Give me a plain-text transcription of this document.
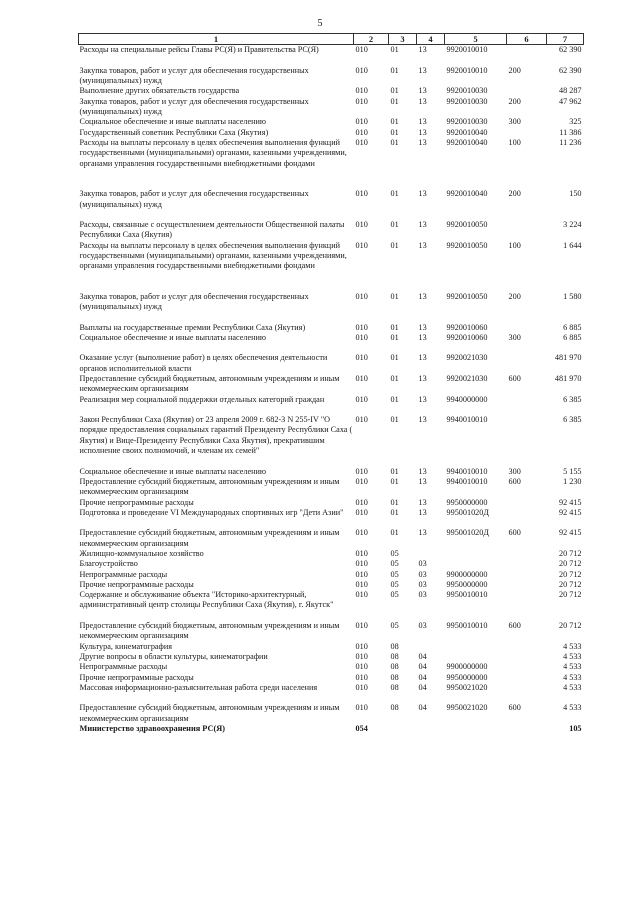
5
1	2	3	4	5	6	7
Расходы на специальные рейсы Главы РС(Я) и Правительства РС(Я)	010	01	13	9920010010		62 390
Закупка товаров, работ и услуг для обеспечения государственных (муниципальных) нужд	010	01	13	9920010010	200	62 390
Выполнение других обязательств государства	010	01	13	9920010030		48 287
Закупка товаров, работ и услуг для обеспечения государственных (муниципальных) нужд	010	01	13	9920010030	200	47 962
Социальное обеспечение и иные выплаты населению	010	01	13	9920010030	300	325
Государственный советник Республики Саха (Якутия)	010	01	13	9920010040		11 386
Расходы на выплаты персоналу в целях обеспечения выполнения функций государственными (муниципальными) органами, казенными учреждениями, органами управления государственными внебюджетными фондами	010	01	13	9920010040	100	11 236
Закупка товаров, работ и услуг для обеспечения государственных (муниципальных) нужд	010	01	13	9920010040	200	150
Расходы, связанные с осуществлением деятельности Общественной палаты Республики Саха (Якутия)	010	01	13	9920010050		3 224
Расходы на выплаты персоналу в целях обеспечения выполнения функций государственными (муниципальными) органами, казенными учреждениями, органами управления государственными внебюджетными фондами	010	01	13	9920010050	100	1 644
Закупка товаров, работ и услуг для обеспечения государственных (муниципальных) нужд	010	01	13	9920010050	200	1 580
Выплаты на государственные премии Республики Саха (Якутия)	010	01	13	9920010060		6 885
Социальное обеспечение и иные выплаты населению	010	01	13	9920010060	300	6 885
Оказание услуг (выполнение работ) в целях обеспечения деятельности органов исполнительной власти	010	01	13	9920021030		481 970
Предоставление субсидий бюджетным, автономным учреждениям и иным некоммерческим организациям	010	01	13	9920021030	600	481 970
Реализация мер социальной поддержки отдельных категорий граждан	010	01	13	9940000000		6 385
Закон Республики Саха (Якутия) от 23 апреля 2009 г. 682-З N 255-IV "О порядке предоставления социальных гарантий Президенту Республики Саха ( Якутия) и Вице-Президенту Республики Саха Якутия), прекратившим исполнение своих полномочий, и членам их семей"	010	01	13	9940010010		6 385
Социальное обеспечение и иные выплаты населению	010	01	13	9940010010	300	5 155
Предоставление субсидий бюджетным, автономным учреждениям и иным некоммерческим организациям	010	01	13	9940010010	600	1 230
Прочие непрограммные расходы	010	01	13	9950000000		92 415
Подготовка и проведение VI Международных спортивных игр "Дети Азии"	010	01	13	995001020Д		92 415
Предоставление субсидий бюджетным, автономным учреждениям и иным некоммерческим организациям	010	01	13	995001020Д	600	92 415
Жилищно-коммунальное хозяйство	010	05				20 712
Благоустройство	010	05	03			20 712
Непрограммные расходы	010	05	03	9900000000		20 712
Прочие непрограммные расходы	010	05	03	9950000000		20 712
Содержание и обслуживание объекта "Историко-архитектурный, административный центр столицы Республики Саха (Якутия), г. Якутск"	010	05	03	9950010010		20 712
Предоставление субсидий бюджетным, автономным учреждениям и иным некоммерческим организациям	010	05	03	9950010010	600	20 712
Культура, кинематография	010	08				4 533
Другие вопросы в области культуры, кинематографии	010	08	04			4 533
Непрограммные расходы	010	08	04	9900000000		4 533
Прочие непрограммные расходы	010	08	04	9950000000		4 533
Массовая информационно-разъяснительная работа среди населения	010	08	04	9950021020		4 533
Предоставление субсидий бюджетным, автономным учреждениям и иным некоммерческим организациям	010	08	04	9950021020	600	4 533
Министерство здравоохранения РС(Я)	054					105
